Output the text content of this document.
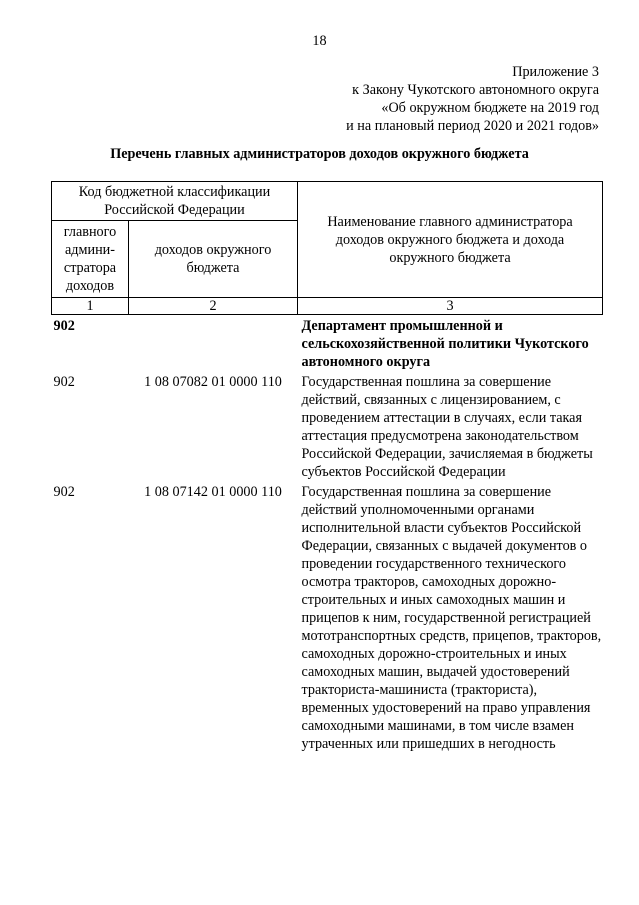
18
Приложение 3
к Закону Чукотского автономного округа
«Об окружном бюджете на 2019 год
и на плановый период 2020 и 2021 годов»
Перечень главных администраторов доходов окружного бюджета
Код бюджетной классификации Российской Федерации		Наименование главного администратора доходов окружного бюджета и дохода окружного бюджета
главного админи-стратора доходов	доходов окружного бюджета	
1	2	3
902		Департамент промышленной и сельскохозяйственной политики Чукотского автономного округа
902	1 08 07082 01 0000 110	Государственная пошлина за совершение действий, связанных с лицензированием, с проведением аттестации в случаях, если такая аттестация предусмотрена законодательством Российской Федерации, зачисляемая в бюджеты субъектов Российской Федерации
902	1 08 07142 01 0000 110	Государственная пошлина за совершение действий уполномоченными органами исполнительной власти субъектов Российской Федерации, связанных с выдачей документов о проведении государственного технического осмотра тракторов, самоходных дорожно-строительных и иных самоходных машин и прицепов к ним, государственной регистрацией мототранспортных средств, прицепов, тракторов, самоходных дорожно-строительных и иных самоходных машин, выдачей удостоверений тракториста-машиниста (тракториста), временных удостоверений на право управления самоходными машинами, в том числе взамен утраченных или пришедших в негодность
